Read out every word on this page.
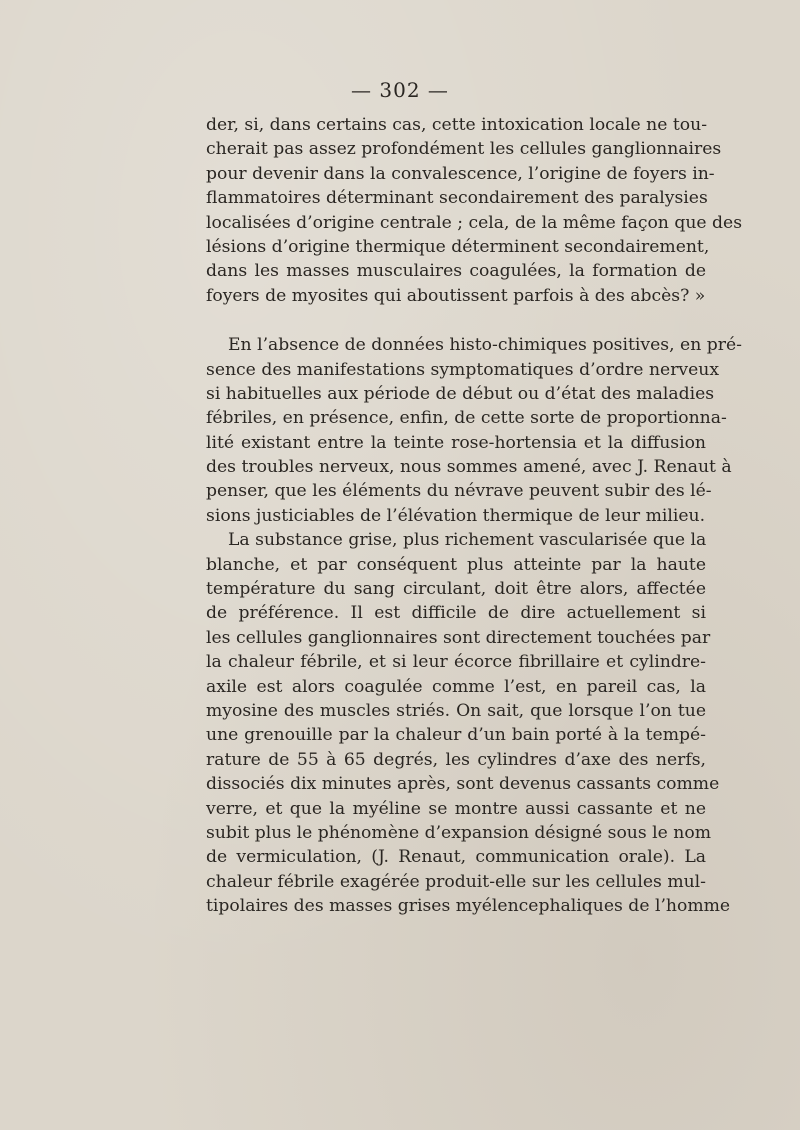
— 302 —
der, si, dans certains cas, cette intoxication locale ne tou-
cherait pas assez profondément les cellules ganglionnaires
pour devenir dans la convalescence, l’origine de foyers in-
flammatoires déterminant secondairement des paralysies
localisées d’origine centrale ; cela, de la même façon que des
lésions d’origine thermique déterminent secondairement,
dans les masses musculaires coagulées, la formation de
foyers de myosites qui aboutissent parfois à des abcès? »
En l’absence de données histo-chimiques positives, en pré-
sence des manifestations symptomatiques d’ordre nerveux
si habituelles aux période de début ou d’état des maladies
fébriles, en présence, enfin, de cette sorte de proportionna-
lité existant entre la teinte rose-hortensia et la diffusion
des troubles nerveux, nous sommes amené, avec J. Renaut à
penser, que les éléments du névrave peuvent subir des lé-
sions justiciables de l’élévation thermique de leur milieu.
La substance grise, plus richement vascularisée que la
blanche, et par conséquent plus atteinte par la haute
température du sang circulant, doit être alors, affectée
de préférence. Il est difficile de dire actuellement si
les cellules ganglionnaires sont directement touchées par
la chaleur fébrile, et si leur écorce fibrillaire et cylindre-
axile est alors coagulée comme l’est, en pareil cas, la
myosine des muscles striés. On sait, que lorsque l’on tue
une grenouille par la chaleur d’un bain porté à la tempé-
rature de 55 à 65 degrés, les cylindres d’axe des nerfs,
dissociés dix minutes après, sont devenus cassants comme
verre, et que la myéline se montre aussi cassante et ne
subit plus le phénomène d’expansion désigné sous le nom
de vermiculation, (J. Renaut, communication orale). La
chaleur fébrile exagérée produit-elle sur les cellules mul-
tipolaires des masses grises myélencephaliques de l’homme
